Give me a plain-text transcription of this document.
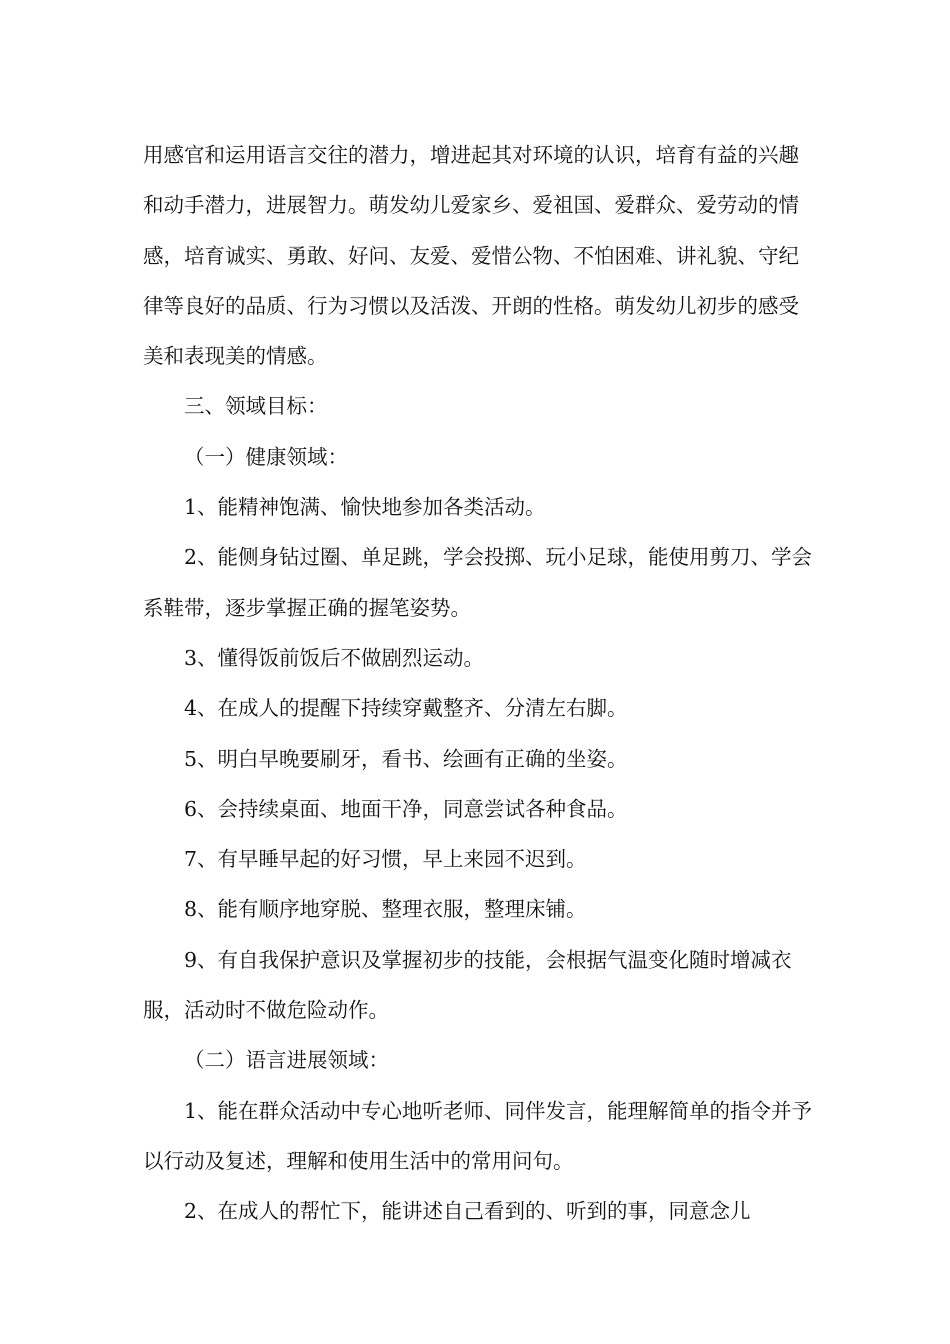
用感官和运用语言交往的潜力，增进起其对环境的认识，培育有益的兴趣和动手潜力，进展智力。萌发幼儿爱家乡、爱祖国、爱群众、爱劳动的情感，培育诚实、勇敢、好问、友爱、爱惜公物、不怕困难、讲礼貌、守纪律等良好的品质、行为习惯以及活泼、开朗的性格。萌发幼儿初步的感受美和表现美的情感。

三、领域目标：

（一）健康领域：

1、能精神饱满、愉快地参加各类活动。

2、能侧身钻过圈、单足跳，学会投掷、玩小足球，能使用剪刀、学会系鞋带，逐步掌握正确的握笔姿势。

3、懂得饭前饭后不做剧烈运动。

4、在成人的提醒下持续穿戴整齐、分清左右脚。

5、明白早晚要刷牙，看书、绘画有正确的坐姿。

6、会持续桌面、地面干净，同意尝试各种食品。

7、有早睡早起的好习惯，早上来园不迟到。

8、能有顺序地穿脱、整理衣服，整理床铺。

9、有自我保护意识及掌握初步的技能，会根据气温变化随时增减衣服，活动时不做危险动作。

（二）语言进展领域：

1、能在群众活动中专心地听老师、同伴发言，能理解简单的指令并予以行动及复述，理解和使用生活中的常用问句。

2、在成人的帮忙下，能讲述自己看到的、听到的事，同意念儿
